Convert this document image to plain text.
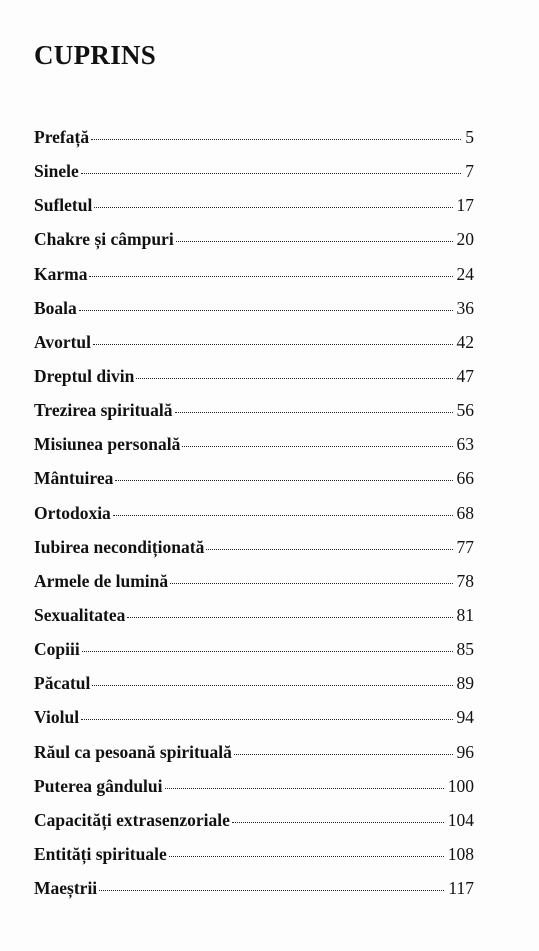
CUPRINS
Prefață	5
Sinele	7
Sufletul	17
Chakre și câmpuri	20
Karma	24
Boala	36
Avortul	42
Dreptul divin	47
Trezirea spirituală	56
Misiunea personală	63
Mântuirea	66
Ortodoxia	68
Iubirea necondiționată	77
Armele de lumină	78
Sexualitatea	81
Copiii	85
Păcatul	89
Violul	94
Răul ca pesoană spirituală	96
Puterea gândului	100
Capacități extrasenzoriale	104
Entități spirituale	108
Maeștrii	117
